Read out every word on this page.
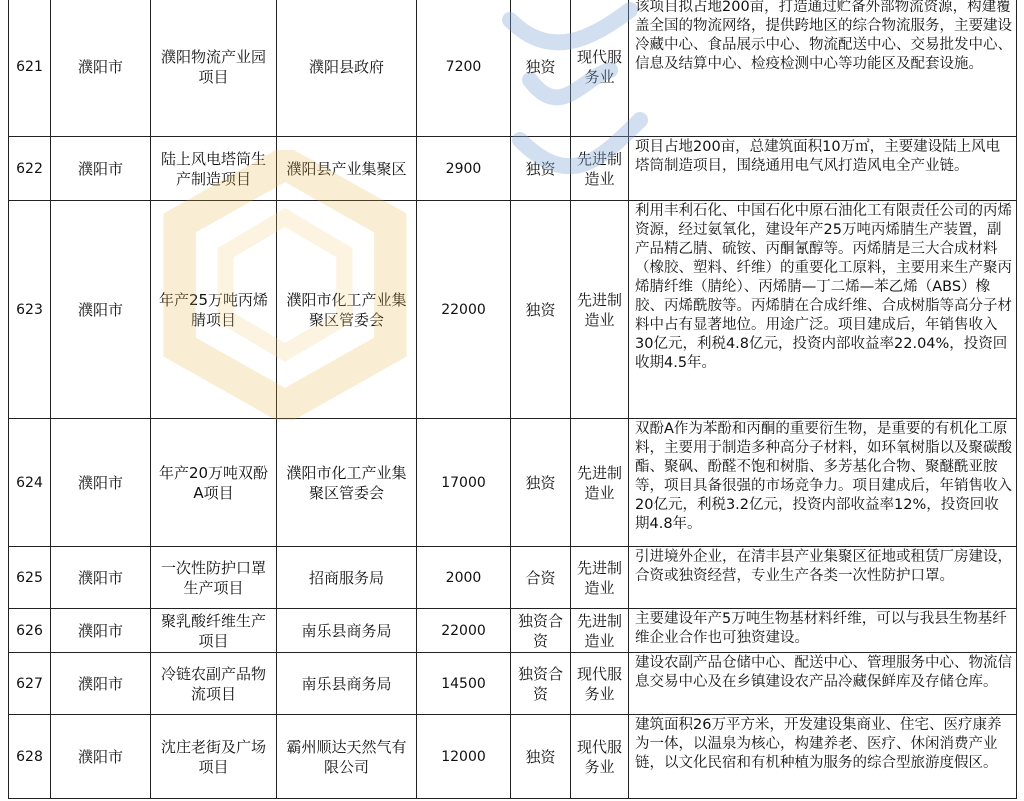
621	濮阳市	濮阳物流产业园项目	濮阳县政府	7200	独资	现代服务业	该项目拟占地200亩，打造通过贮备外部物流资源，构建覆盖全国的物流网络，提供跨地区的综合物流服务，主要建设冷藏中心、食品展示中心、物流配送中心、交易批发中心、信息及结算中心、检疫检测中心等功能区及配套设施。
622	濮阳市	陆上风电塔筒生产制造项目	濮阳县产业集聚区	2900	独资	先进制造业	项目占地200亩，总建筑面积10万㎡，主要建设陆上风电塔筒制造项目，围绕通用电气风打造风电全产业链。
623	濮阳市	年产25万吨丙烯腈项目	濮阳市化工产业集聚区管委会	22000	独资	先进制造业	利用丰利石化、中国石化中原石油化工有限责任公司的丙烯资源，经过氨氧化，建设年产25万吨丙烯腈生产装置，副产品精乙腈、硫铵、丙酮氰醇等。丙烯腈是三大合成材料（橡胶、塑料、纤维）的重要化工原料，主要用来生产聚丙烯腈纤维（腈纶）、丙烯腈—丁二烯—苯乙烯（ABS）橡胶、丙烯酰胺等。丙烯腈在合成纤维、合成树脂等高分子材料中占有显著地位。用途广泛。项目建成后，年销售收入30亿元，利税4.8亿元，投资内部收益率22.04%，投资回收期4.5年。
624	濮阳市	年产20万吨双酚A项目	濮阳市化工产业集聚区管委会	17000	独资	先进制造业	双酚A作为苯酚和丙酮的重要衍生物，是重要的有机化工原料，主要用于制造多种高分子材料，如环氧树脂以及聚碳酸酯、聚砜、酚醛不饱和树脂、多芳基化合物、聚醚酰亚胺等，项目具备很强的市场竞争力。项目建成后，年销售收入20亿元，利税3.2亿元，投资内部收益率12%，投资回收期4.8年。
625	濮阳市	一次性防护口罩生产项目	招商服务局	2000	合资	先进制造业	引进境外企业，在清丰县产业集聚区征地或租赁厂房建设，合资或独资经营，专业生产各类一次性防护口罩。
626	濮阳市	聚乳酸纤维生产项目	南乐县商务局	22000	独资合资	先进制造业	主要建设年产5万吨生物基材料纤维，可以与我县生物基纤维企业合作也可独资建设。
627	濮阳市	冷链农副产品物流项目	南乐县商务局	14500	独资合资	现代服务业	建设农副产品仓储中心、配送中心、管理服务中心、物流信息交易中心及在乡镇建设农产品冷藏保鲜库及存储仓库。
628	濮阳市	沈庄老街及广场项目	霸州顺达天然气有限公司	12000	独资	现代服务业	建筑面积26万平方米，开发建设集商业、住宅、医疗康养为一体，以温泉为核心，构建养老、医疗、休闲消费产业链，以文化民宿和有机种植为服务的综合型旅游度假区。
